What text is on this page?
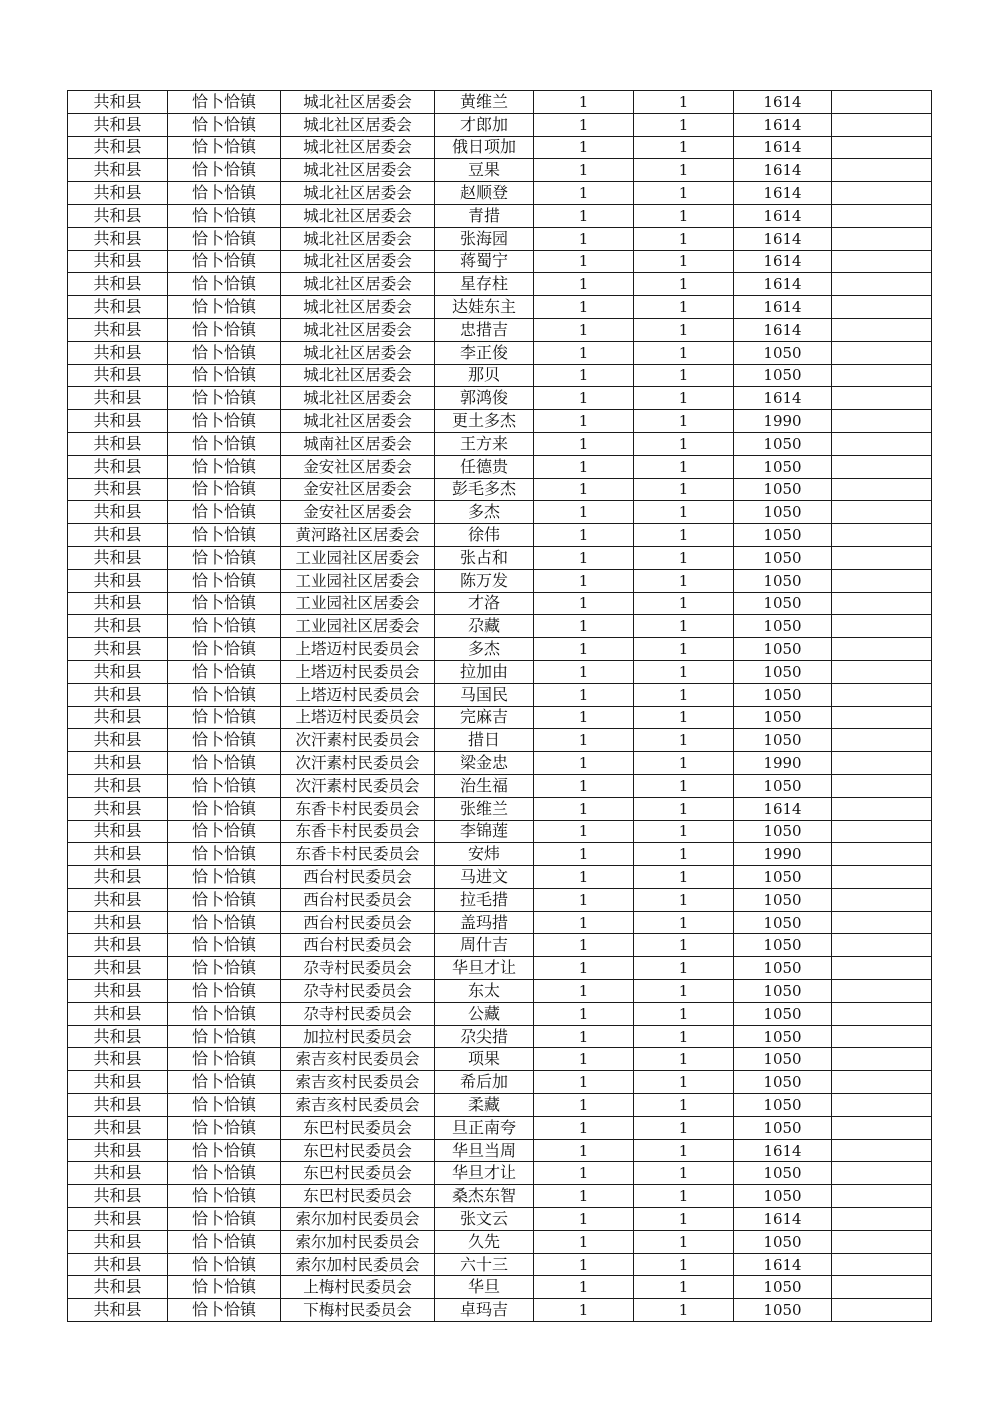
共和县	恰卜恰镇	城北社区居委会	黄维兰	1	1	1614	
共和县	恰卜恰镇	城北社区居委会	才郎加	1	1	1614	
共和县	恰卜恰镇	城北社区居委会	俄日项加	1	1	1614	
共和县	恰卜恰镇	城北社区居委会	豆果	1	1	1614	
共和县	恰卜恰镇	城北社区居委会	赵顺登	1	1	1614	
共和县	恰卜恰镇	城北社区居委会	青措	1	1	1614	
共和县	恰卜恰镇	城北社区居委会	张海园	1	1	1614	
共和县	恰卜恰镇	城北社区居委会	蒋蜀宁	1	1	1614	
共和县	恰卜恰镇	城北社区居委会	星存柱	1	1	1614	
共和县	恰卜恰镇	城北社区居委会	达娃东主	1	1	1614	
共和县	恰卜恰镇	城北社区居委会	忠措吉	1	1	1614	
共和县	恰卜恰镇	城北社区居委会	李正俊	1	1	1050	
共和县	恰卜恰镇	城北社区居委会	那贝	1	1	1050	
共和县	恰卜恰镇	城北社区居委会	郭鸿俊	1	1	1614	
共和县	恰卜恰镇	城北社区居委会	更土多杰	1	1	1990	
共和县	恰卜恰镇	城南社区居委会	王方来	1	1	1050	
共和县	恰卜恰镇	金安社区居委会	任德贵	1	1	1050	
共和县	恰卜恰镇	金安社区居委会	彭毛多杰	1	1	1050	
共和县	恰卜恰镇	金安社区居委会	多杰	1	1	1050	
共和县	恰卜恰镇	黄河路社区居委会	徐伟	1	1	1050	
共和县	恰卜恰镇	工业园社区居委会	张占和	1	1	1050	
共和县	恰卜恰镇	工业园社区居委会	陈万发	1	1	1050	
共和县	恰卜恰镇	工业园社区居委会	才洛	1	1	1050	
共和县	恰卜恰镇	工业园社区居委会	尕藏	1	1	1050	
共和县	恰卜恰镇	上塔迈村民委员会	多杰	1	1	1050	
共和县	恰卜恰镇	上塔迈村民委员会	拉加由	1	1	1050	
共和县	恰卜恰镇	上塔迈村民委员会	马国民	1	1	1050	
共和县	恰卜恰镇	上塔迈村民委员会	完麻吉	1	1	1050	
共和县	恰卜恰镇	次汗素村民委员会	措日	1	1	1050	
共和县	恰卜恰镇	次汗素村民委员会	梁金忠	1	1	1990	
共和县	恰卜恰镇	次汗素村民委员会	治生福	1	1	1050	
共和县	恰卜恰镇	东香卡村民委员会	张维兰	1	1	1614	
共和县	恰卜恰镇	东香卡村民委员会	李锦莲	1	1	1050	
共和县	恰卜恰镇	东香卡村民委员会	安炜	1	1	1990	
共和县	恰卜恰镇	西台村民委员会	马进文	1	1	1050	
共和县	恰卜恰镇	西台村民委员会	拉毛措	1	1	1050	
共和县	恰卜恰镇	西台村民委员会	盖玛措	1	1	1050	
共和县	恰卜恰镇	西台村民委员会	周什吉	1	1	1050	
共和县	恰卜恰镇	尕寺村民委员会	华旦才让	1	1	1050	
共和县	恰卜恰镇	尕寺村民委员会	东太	1	1	1050	
共和县	恰卜恰镇	尕寺村民委员会	公藏	1	1	1050	
共和县	恰卜恰镇	加拉村民委员会	尕尖措	1	1	1050	
共和县	恰卜恰镇	索吉亥村民委员会	项果	1	1	1050	
共和县	恰卜恰镇	索吉亥村民委员会	希后加	1	1	1050	
共和县	恰卜恰镇	索吉亥村民委员会	柔藏	1	1	1050	
共和县	恰卜恰镇	东巴村民委员会	旦正南夸	1	1	1050	
共和县	恰卜恰镇	东巴村民委员会	华旦当周	1	1	1614	
共和县	恰卜恰镇	东巴村民委员会	华旦才让	1	1	1050	
共和县	恰卜恰镇	东巴村民委员会	桑杰东智	1	1	1050	
共和县	恰卜恰镇	索尔加村民委员会	张文云	1	1	1614	
共和县	恰卜恰镇	索尔加村民委员会	久先	1	1	1050	
共和县	恰卜恰镇	索尔加村民委员会	六十三	1	1	1614	
共和县	恰卜恰镇	上梅村民委员会	华旦	1	1	1050	
共和县	恰卜恰镇	下梅村民委员会	卓玛吉	1	1	1050	
